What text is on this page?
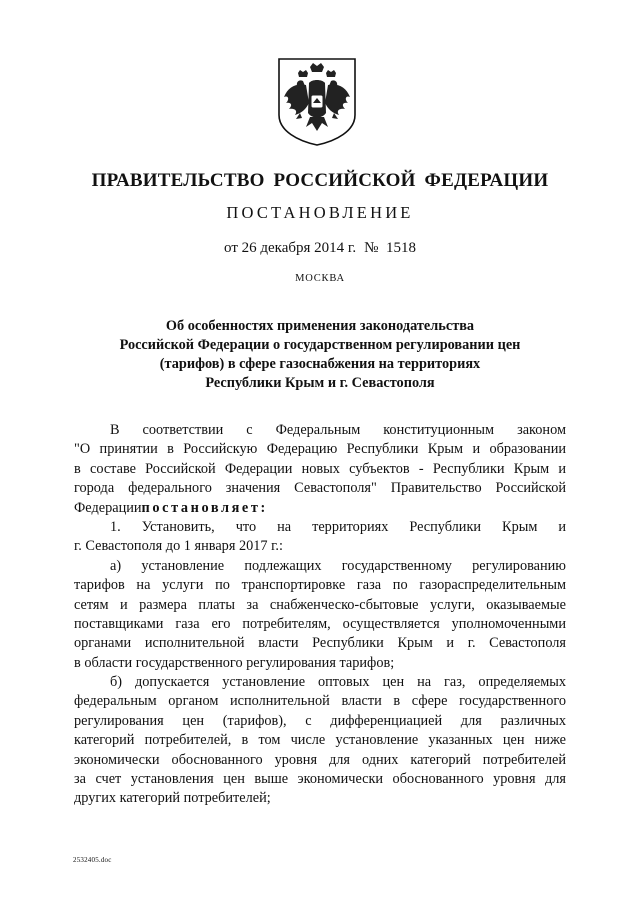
ПРАВИТЕЛЬСТВО РОССИЙСКОЙ ФЕДЕРАЦИИ
ПОСТАНОВЛЕНИЕ
от 26 декабря 2014 г. № 1518
МОСКВА
Об особенностях применения законодательства
Российской Федерации о государственном регулировании цен
(тарифов) в сфере газоснабжения на территориях
Республики Крым и г. Севастополя
В соответствии с Федеральным конституционным законом
"О принятии в Российскую Федерацию Республики Крым и образовании
в составе Российской Федерации новых субъектов - Республики Крым и
города федерального значения Севастополя" Правительство Российской
Федерациипостановляет:
1. Установить, что на территориях Республики Крым и
г. Севастополя до 1 января 2017 г.:
а) установление подлежащих государственному регулированию
тарифов на услуги по транспортировке газа по газораспределительным
сетям и размера платы за снабженческо-сбытовые услуги, оказываемые
поставщиками газа его потребителям, осуществляется уполномоченными
органами исполнительной власти Республики Крым и г. Севастополя
в области государственного регулирования тарифов;
б) допускается установление оптовых цен на газ, определяемых
федеральным органом исполнительной власти в сфере государственного
регулирования цен (тарифов), с дифференциацией для различных
категорий потребителей, в том числе установление указанных цен ниже
экономически обоснованного уровня для одних категорий потребителей
за счет установления цен выше экономически обоснованного уровня для
других категорий потребителей;
2532405.doc
